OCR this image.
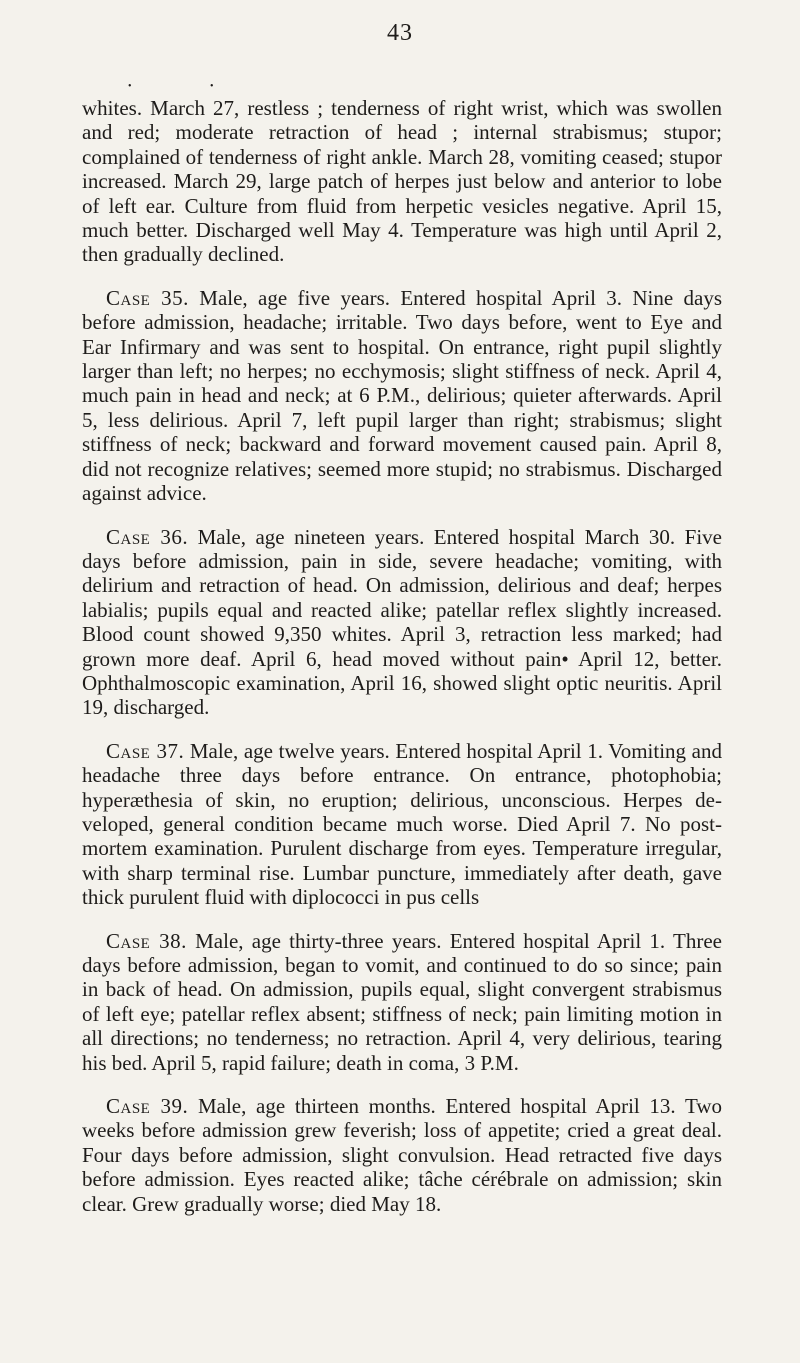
43
•	•

whites. March 27, restless ; tenderness of right wrist, which was swollen and red; moderate retraction of head ; internal strabismus; stupor; complained of tenderness of right ankle. March 28, vomiting ceased; stupor increased. March 29, large patch of herpes just below and anterior to lobe of left ear. Culture from fluid from herpetic vesicles negative. April 15, much better. Discharged well May 4. Temperature was high until April 2, then gradually declined.

Case 35. Male, age five years. Entered hospital April 3. Nine days before admission, headache; irritable. Two days before, went to Eye and Ear Infirmary and was sent to hospital. On entrance, right pupil slightly larger than left; no herpes; no ecchymosis; slight stiffness of neck. April 4, much pain in head and neck; at 6 P.M., delirious; quieter afterwards. April 5, less delirious. April 7, left pupil larger than right; strabismus; slight stiffness of neck; backward and forward movement caused pain. April 8, did not recognize relatives; seemed more stupid; no strabismus. Discharged against advice.

Case 36. Male, age nineteen years. Entered hospital March 30. Five days before admission, pain in side, severe headache; vomiting, with delirium and retraction of head. On admission, delirious and deaf; herpes labialis; pupils equal and reacted alike; patellar reflex slightly increased. Blood count showed 9,350 whites. April 3, retraction less marked; had grown more deaf. April 6, head moved without pain• April 12, better. Ophthalmoscopic examination, April 16, showed slight optic neuritis. April 19, discharged.

Case 37. Male, age twelve years. Entered hospital April 1. Vomiting and headache three days before entrance. On entrance, photophobia; hyperæthesia of skin, no eruption; delirious, unconscious. Herpes developed, general condition became much worse. Died April 7. No post-mortem examination. Purulent discharge from eyes. Temperature irregular, with sharp terminal rise. Lumbar puncture, immediately after death, gave thick purulent fluid with diplococci in pus cells

Case 38. Male, age thirty-three years. Entered hospital April 1. Three days before admission, began to vomit, and continued to do so since; pain in back of head. On admission, pupils equal, slight convergent strabismus of left eye; patellar reflex absent; stiffness of neck; pain limiting motion in all directions; no tenderness; no retraction. April 4, very delirious, tearing his bed. April 5, rapid failure; death in coma, 3 P.M.

Case 39. Male, age thirteen months. Entered hospital April 13. Two weeks before admission grew feverish; loss of appetite; cried a great deal. Four days before admission, slight convulsion. Head retracted five days before admission. Eyes reacted alike; tâche cérébrale on admission; skin clear. Grew gradually worse; died May 18.
